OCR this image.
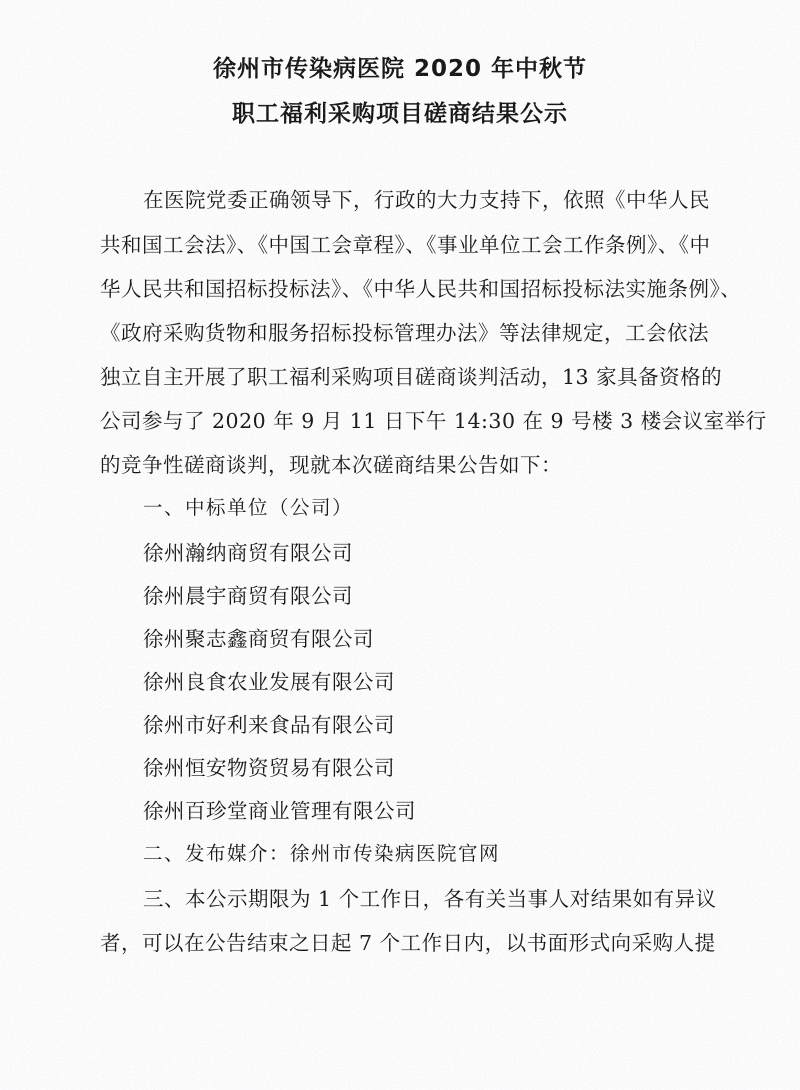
徐州市传染病医院 2020 年中秋节
职工福利采购项目磋商结果公示
在医院党委正确领导下，行政的大力支持下，依照《中华人民
共和国工会法》、《中国工会章程》、《事业单位工会工作条例》、《中
华人民共和国招标投标法》、《中华人民共和国招标投标法实施条例》、
《政府采购货物和服务招标投标管理办法》等法律规定，工会依法
独立自主开展了职工福利采购项目磋商谈判活动，13 家具备资格的
公司参与了 2020 年 9 月 11 日下午 14:30 在 9 号楼 3 楼会议室举行
的竞争性磋商谈判，现就本次磋商结果公告如下：
一、中标单位（公司）
徐州瀚纳商贸有限公司
徐州晨宇商贸有限公司
徐州聚志鑫商贸有限公司
徐州良食农业发展有限公司
徐州市好利来食品有限公司
徐州恒安物资贸易有限公司
徐州百珍堂商业管理有限公司
二、发布媒介：徐州市传染病医院官网
三、本公示期限为 1 个工作日，各有关当事人对结果如有异议
者，可以在公告结束之日起 7 个工作日内，以书面形式向采购人提
